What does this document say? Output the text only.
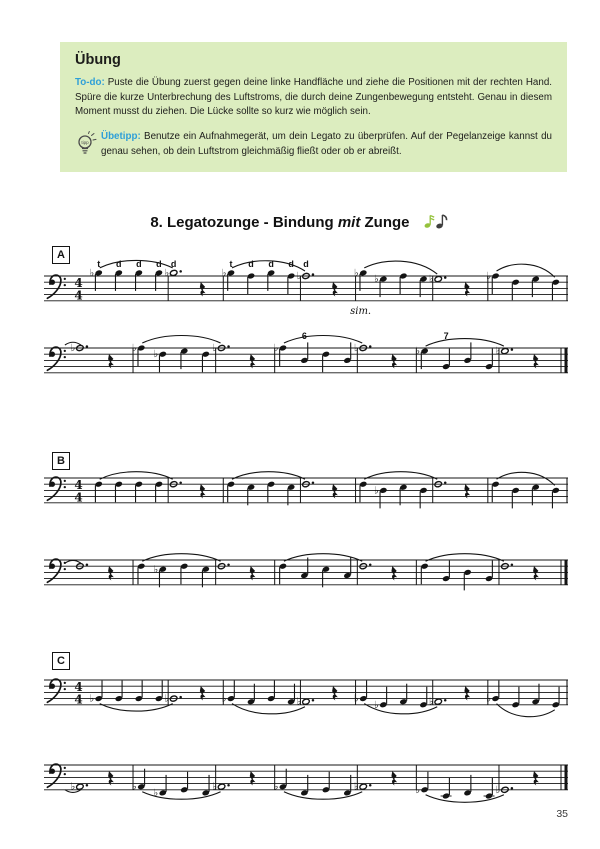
Übung

To-do: Puste die Übung zuerst gegen deine linke Handfläche und ziehe die Positionen mit der rechten Hand. Spüre die kurze Unterbrechung des Luftstroms, die durch deine Zungenbewegung entsteht. Genau in diesem Moment musst du ziehen. Die Lücke sollte so kurz wie möglich sein.

tipp

Übetipp: Benutze ein Aufnahmegerät, um dein Legato zu überprüfen. Auf der Pegelanzeige kannst du genau sehen, ob dein Luftstrom gleichmäßig fließt oder ob er abreißt.

8. Legatozunge - Bindung mit Zunge
A
4
4
♭	♭	♭	♭	♭
♭	♭	♭
t d d d d	t d d d d
sim.
♭	♭
♭
♭	♭	♭	♭	♭
6	7
B
4
4	♭
♭
C
4
4 ♭	♭	♭	♭	♭
♭	♭	♭
♭	♭
♭
♭	♭	♭	♭	♭
35
